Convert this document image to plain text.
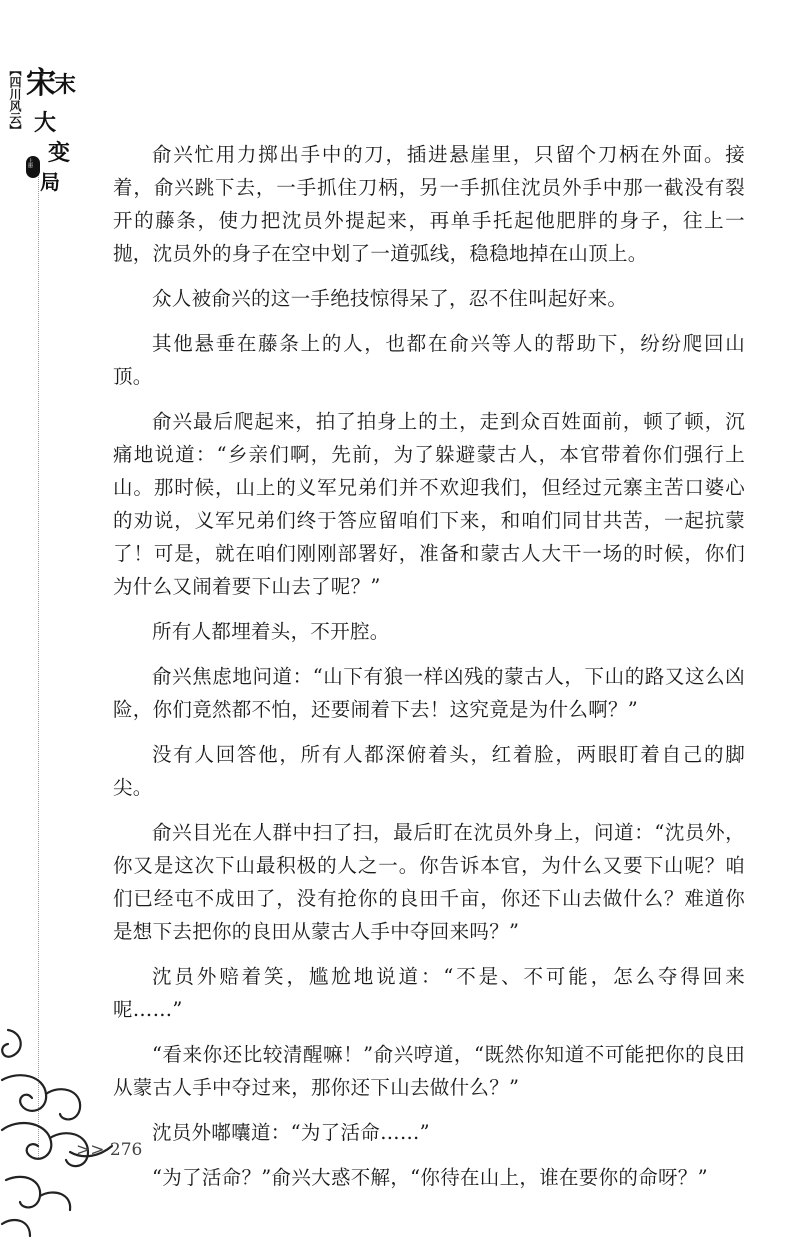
【四川风云】 宋
末
大
变
局
上册	俞兴忙用力掷出手中的刀，插进悬崖里，只留个刀柄在外面。接着，俞兴跳下去，一手抓住刀柄，另一手抓住沈员外手中那一截没有裂开的藤条，使力把沈员外提起来，再单手托起他肥胖的身子，往上一抛，沈员外的身子在空中划了一道弧线，稳稳地掉在山顶上。

众人被俞兴的这一手绝技惊得呆了，忍不住叫起好来。

其他悬垂在藤条上的人，也都在俞兴等人的帮助下，纷纷爬回山顶。

俞兴最后爬起来，拍了拍身上的土，走到众百姓面前，顿了顿，沉痛地说道：“乡亲们啊，先前，为了躲避蒙古人，本官带着你们强行上山。那时候，山上的义军兄弟们并不欢迎我们，但经过元寨主苦口婆心的劝说，义军兄弟们终于答应留咱们下来，和咱们同甘共苦，一起抗蒙了！可是，就在咱们刚刚部署好，准备和蒙古人大干一场的时候，你们为什么又闹着要下山去了呢？”

所有人都埋着头，不开腔。

俞兴焦虑地问道：“山下有狼一样凶残的蒙古人，下山的路又这么凶险，你们竟然都不怕，还要闹着下去！这究竟是为什么啊？”

没有人回答他，所有人都深俯着头，红着脸，两眼盯着自己的脚尖。

俞兴目光在人群中扫了扫，最后盯在沈员外身上，问道：“沈员外，你又是这次下山最积极的人之一。你告诉本官，为什么又要下山呢？咱们已经屯不成田了，没有抢你的良田千亩，你还下山去做什么？难道你是想下去把你的良田从蒙古人手中夺回来吗？”

沈员外赔着笑，尴尬地说道：“不是、不可能，怎么夺得回来呢……”

“看来你还比较清醒嘛！”俞兴哼道，“既然你知道不可能把你的良田从蒙古人手中夺过来，那你还下山去做什么？”

沈员外嘟囔道：“为了活命……”

“为了活命？”俞兴大惑不解，“你待在山上，谁在要你的命呀？”

>> 276
